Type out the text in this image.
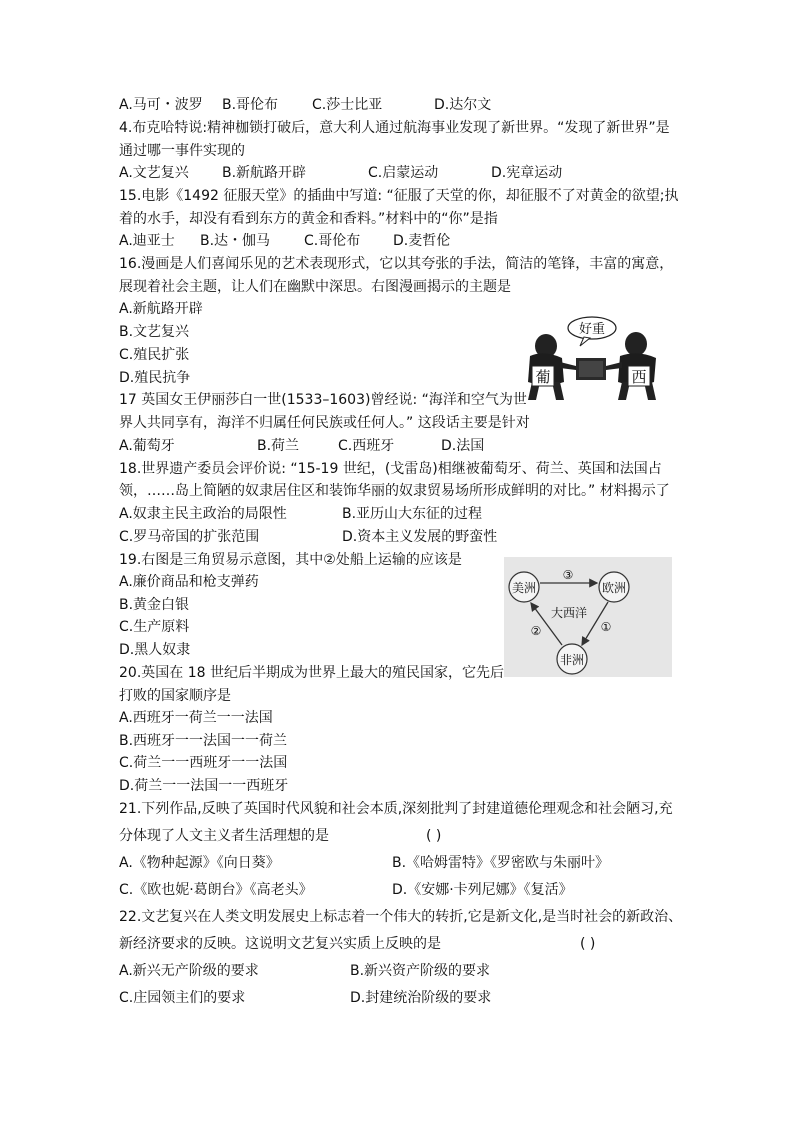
A.马可・波罗 B.哥伦布 C.莎士比亚	D.达尔文
4.布克哈特说:精神枷锁打破后，意大利人通过航海事业发现了新世界。“发现了新世界”是
通过哪一事件实现的
A.文艺复兴 B.新航路开辟	C.启蒙运动	D.宪章运动
15.电影《1492 征服天堂》的插曲中写道: “征服了天堂的你，却征服不了对黄金的欲望;执
着的水手，却没有看到东方的黄金和香料。”材料中的“你”是指
A.迪亚士 B.达・伽马 C.哥伦布 D.麦哲伦
16.漫画是人们喜闻乐见的艺术表现形式，它以其夸张的手法，简洁的笔锋，丰富的寓意，
展现着社会主题，让人们在幽默中深思。右图漫画揭示的主题是
A.新航路开辟
B.文艺复兴
C.殖民扩张
D.殖民抗争
好重
葡	西
17 英国女王伊丽莎白一世(1533–1603)曾经说: “海洋和空气为世
界人共同享有，海洋不归属任何民族或任何人。” 这段话主要是针对
A.葡萄牙	B.荷兰	C.西班牙	D.法国
18.世界遗产委员会评价说: “15-19 世纪，(戈雷岛)相继被葡萄牙、荷兰、英国和法国占
领，……岛上简陋的奴隶居住区和装饰华丽的奴隶贸易场所形成鲜明的对比。” 材料揭示了
A.奴隶主民主政治的局限性	B.亚历山大东征的过程
C.罗马帝国的扩张范围	D.资本主义发展的野蛮性
19.右图是三角贸易示意图，其中②处船上运输的应该是
A.廉价商品和枪支弹药
B.黄金白银
C.生产原料
D.黑人奴隶
美洲	欧洲
非洲
大西洋
③
①
②
20.英国在 18 世纪后半期成为世界上最大的殖民国家，它先后
打败的国家顺序是
A.西班牙一荷兰一一法国
B.西班牙一一法国一一荷兰
C.荷兰一一西班牙一一法国
D.荷兰一一法国一一西班牙
21.下列作品,反映了英国时代风貌和社会本质,深刻批判了封建道德伦理观念和社会陋习,充
分体现了人文主义者生活理想的是	( )
A.《物种起源》《向日葵》	B.《哈姆雷特》《罗密欧与朱丽叶》
C.《欧也妮·葛朗台》《高老头》	D.《安娜·卡列尼娜》《复活》
22.文艺复兴在人类文明发展史上标志着一个伟大的转折,它是新文化,是当时社会的新政治、
新经济要求的反映。这说明文艺复兴实质上反映的是	( )
A.新兴无产阶级的要求	B.新兴资产阶级的要求
C.庄园领主们的要求	D.封建统治阶级的要求
